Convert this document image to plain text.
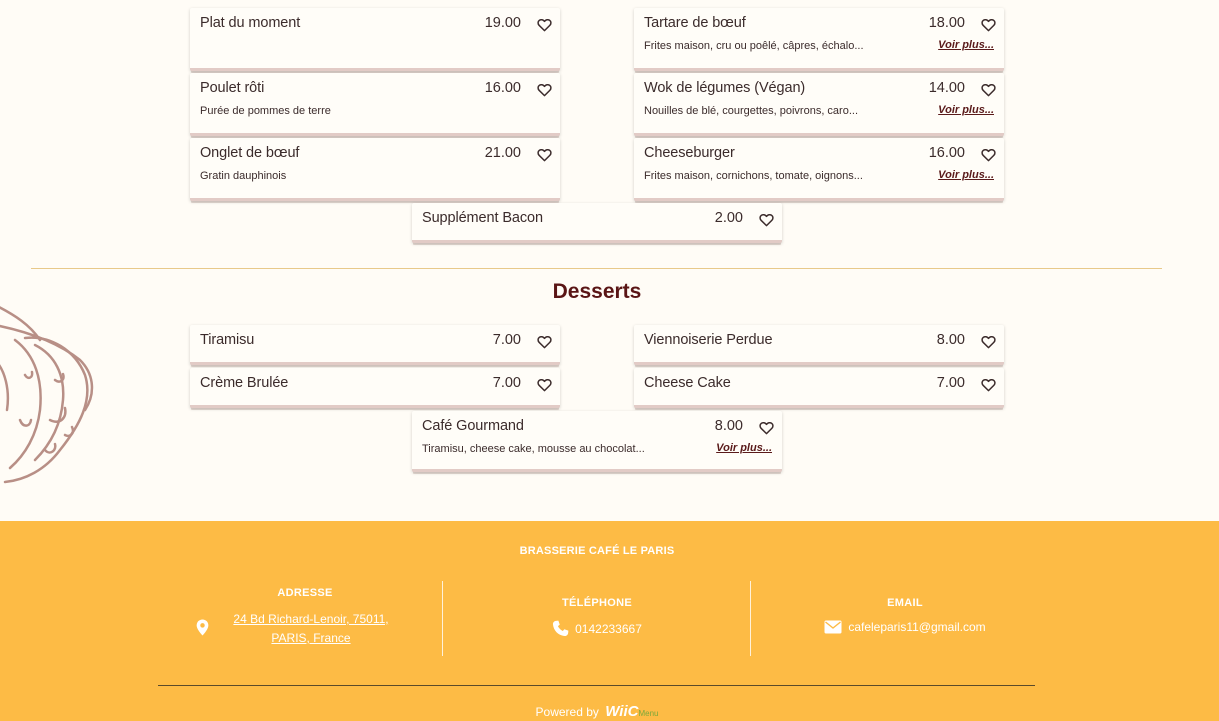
Plat du moment	19.00	Tartare de bœuf	18.00
Frites maison, cru ou poêlé, câpres, échalo...	Voir plus...
Poulet rôti	16.00
Purée de pommes de terre
Wok de légumes (Végan)	14.00
Nouilles de blé, courgettes, poivrons, caro...	Voir plus...
Onglet de bœuf	21.00
Gratin dauphinois
Cheeseburger	16.00
Frites maison, cornichons, tomate, oignons...	Voir plus...
Supplément Bacon	2.00
Desserts
Tiramisu	7.00	Viennoiserie Perdue	8.00
Crème Brulée	7.00	Cheese Cake	7.00
Café Gourmand	8.00
Tiramisu, cheese cake, mousse au chocolat...	Voir plus...
BRASSERIE CAFÉ LE PARIS
ADRESSE
24 Bd Richard-Lenoir, 75011,
PARIS, France
TÉLÉPHONE
0142233667
EMAIL
cafeleparis11@gmail.com
Powered by WiiCMenu
